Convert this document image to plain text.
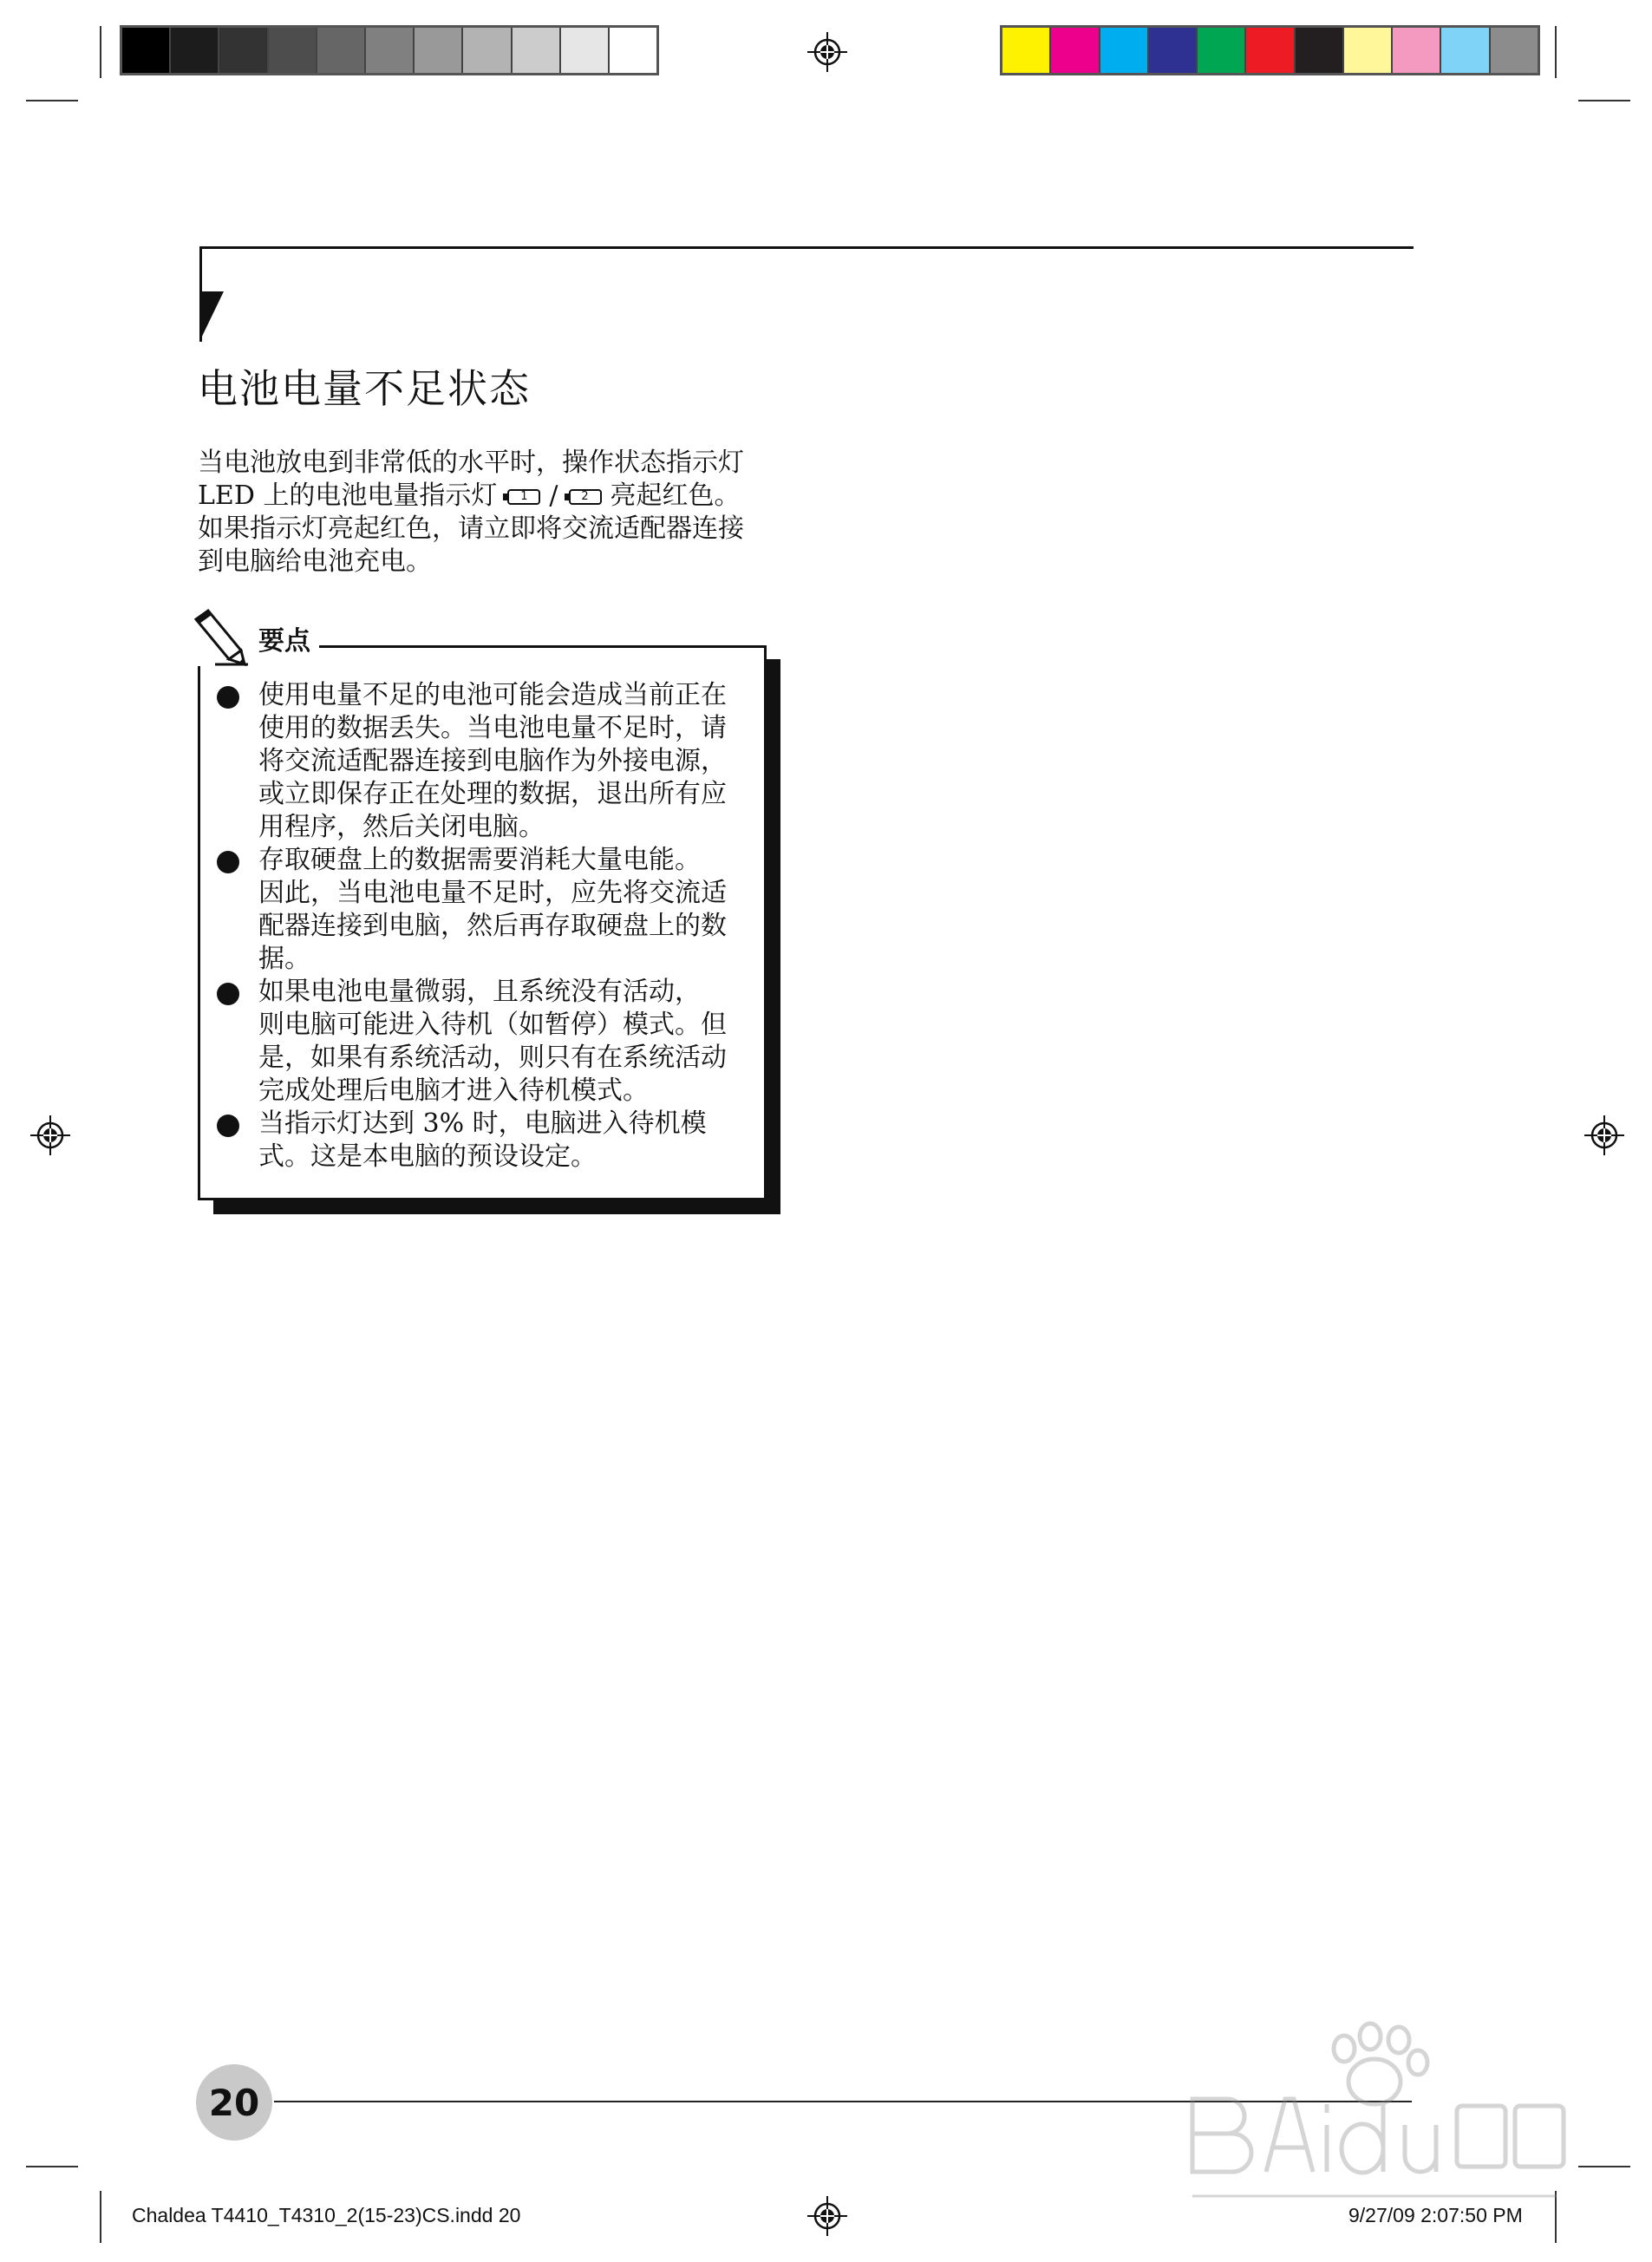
电池电量不足状态
当电池放电到非常低的水平时，操作状态指示灯
LED 上的电池电量指示灯	1 /	2 亮起红色。
如果指示灯亮起红色，请立即将交流适配器连接
到电脑给电池充电。
要点
使用电量不足的电池可能会造成当前正在
使用的数据丢失。当电池电量不足时，请
将交流适配器连接到电脑作为外接电源，
或立即保存正在处理的数据，退出所有应
用程序，然后关闭电脑。
存取硬盘上的数据需要消耗大量电能。
因此，当电池电量不足时，应先将交流适
配器连接到电脑，然后再存取硬盘上的数
据。
如果电池电量微弱，且系统没有活动，
则电脑可能进入待机（如暂停）模式。但
是，如果有系统活动，则只有在系统活动
完成处理后电脑才进入待机模式。
当指示灯达到 3% 时，电脑进入待机模
式。这是本电脑的预设设定。
20
Chaldea T4410_T4310_2(15-23)CS.indd 20	9/27/09 2:07:50 PM
